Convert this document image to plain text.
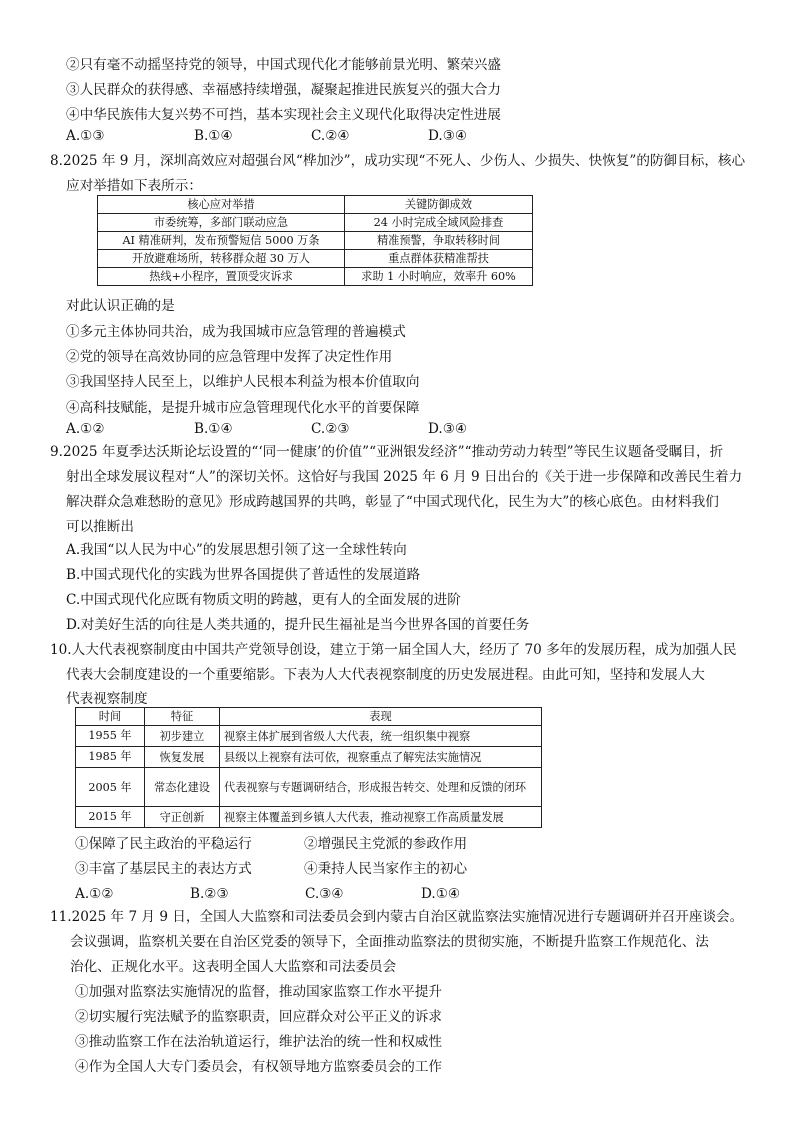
②只有毫不动摇坚持党的领导，中国式现代化才能够前景光明、繁荣兴盛
③人民群众的获得感、幸福感持续增强，凝聚起推进民族复兴的强大合力
④中华民族伟大复兴势不可挡，基本实现社会主义现代化取得决定性进展
A.①③	B.①④	C.②④	D.③④
8.2025 年 9 月，深圳高效应对超强台风“桦加沙”，成功实现“不死人、少伤人、少损失、快恢复”的防御目标，核心
应对举措如下表所示：
核心应对举措	关键防御成效
市委统筹，多部门联动应急	24 小时完成全域风险排查
AI 精准研判，发布预警短信 5000 万条	精准预警，争取转移时间
开放避难场所，转移群众超 30 万人	重点群体获精准帮扶
热线+小程序，置顶受灾诉求	求助 1 小时响应，效率升 60%
对此认识正确的是
①多元主体协同共治，成为我国城市应急管理的普遍模式
②党的领导在高效协同的应急管理中发挥了决定性作用
③我国坚持人民至上，以维护人民根本利益为根本价值取向
④高科技赋能，是提升城市应急管理现代化水平的首要保障
A.①②	B.①④	C.②③	D.③④
9.2025 年夏季达沃斯论坛设置的“‘同一健康’的价值”“亚洲银发经济”“推动劳动力转型”等民生议题备受瞩目，折
射出全球发展议程对“人”的深切关怀。这恰好与我国 2025 年 6 月 9 日出台的《关于进一步保障和改善民生着力
解决群众急难愁盼的意见》形成跨越国界的共鸣，彰显了“中国式现代化，民生为大”的核心底色。由材料我们
可以推断出
A.我国“以人民为中心”的发展思想引领了这一全球性转向
B.中国式现代化的实践为世界各国提供了普适性的发展道路
C.中国式现代化应既有物质文明的跨越，更有人的全面发展的进阶
D.对美好生活的向往是人类共通的，提升民生福祉是当今世界各国的首要任务
10.人大代表视察制度由中国共产党领导创设，建立于第一届全国人大，经历了 70 多年的发展历程，成为加强人民
代表大会制度建设的一个重要缩影。下表为人大代表视察制度的历史发展进程。由此可知，坚持和发展人大
代表视察制度
时间	特征	表现
1955 年	初步建立	视察主体扩展到省级人大代表，统一组织集中视察
1985 年	恢复发展	县级以上视察有法可依，视察重点了解宪法实施情况
2005 年	常态化建设	代表视察与专题调研结合，形成报告转交、处理和反馈的闭环
2015 年	守正创新	视察主体覆盖到乡镇人大代表，推动视察工作高质量发展
①保障了民主政治的平稳运行	②增强民主党派的参政作用
③丰富了基层民主的表达方式	④秉持人民当家作主的初心
A.①②	B.②③	C.③④	D.①④
11.2025 年 7 月 9 日，全国人大监察和司法委员会到内蒙古自治区就监察法实施情况进行专题调研并召开座谈会。
会议强调，监察机关要在自治区党委的领导下，全面推动监察法的贯彻实施，不断提升监察工作规范化、法
治化、正规化水平。这表明全国人大监察和司法委员会
①加强对监察法实施情况的监督，推动国家监察工作水平提升
②切实履行宪法赋予的监察职责，回应群众对公平正义的诉求
③推动监察工作在法治轨道运行，维护法治的统一性和权威性
④作为全国人大专门委员会，有权领导地方监察委员会的工作
